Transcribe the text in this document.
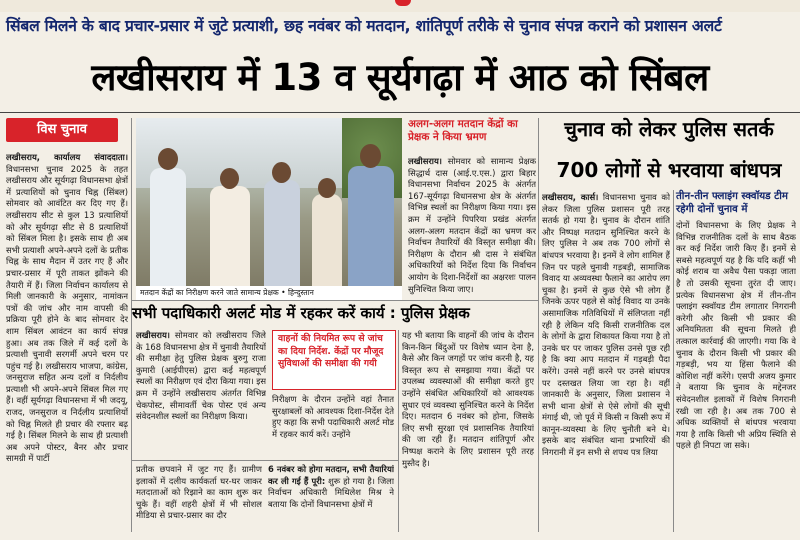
सिंबल मिलने के बाद प्रचार-प्रसार में जुटे प्रत्याशी, छह नवंबर को मतदान, शांतिपूर्ण तरीके से चुनाव संपन्न कराने को प्रशासन अलर्ट
लखीसराय में 13 व सूर्यगढ़ा में आठ को सिंबल
विस चुनाव
लखीसराय, कार्यालय संवाददाता। विधानसभा चुनाव 2025 के तहत लखीसराय और सूर्यगढ़ा विधानसभा क्षेत्रों में प्रत्याशियों को चुनाव चिह्न (सिंबल) सोमवार को आवंटित कर दिए गए हैं। लखीसराय सीट से कुल 13 प्रत्याशियों को और सूर्यगढ़ा सीट से 8 प्रत्याशियों को सिंबल मिला है। इसके साथ ही अब सभी प्रत्याशी अपने-अपने दलों के प्रतीक चिह्न के साथ मैदान में उतर गए हैं और प्रचार-प्रसार में पूरी ताकत झोंकने की तैयारी में हैं। जिला निर्वाचन कार्यालय से मिली जानकारी के अनुसार, नामांकन पत्रों की जांच और नाम वापसी की प्रक्रिया पूरी होने के बाद सोमवार देर शाम सिंबल आवंटन का कार्य संपन्न हुआ। अब तक जिले में कई दलों के प्रत्याशी चुनावी सरगर्मी अपने चरम पर पहुंच गई है। लखीसराय भाजपा, कांग्रेस, जनसुराज सहित अन्य दलों व निर्दलीय प्रत्याशी भी अपने-अपने सिंबल मिल गए हैं। वहीं सूर्यगढ़ा विधानसभा में भी जदयू, राजद, जनसुराज व निर्दलीय प्रत्याशियों को चिह्न मिलते ही प्रचार की रफ्तार बढ़ गई है। सिंबल मिलने के साथ ही प्रत्याशी अब अपने पोस्टर, बैनर और प्रचार सामग्री में पार्टी
मतदान केंद्रों का निरीक्षण करने जाते सामान्य प्रेक्षक • हिन्दुस्तान
अलग-अलग मतदान केंद्रों का प्रेक्षक ने किया भ्रमण
लखीसराय। सोमवार को सामान्य प्रेक्षक सिद्धार्थ दास (आई.ए.एस.) द्वारा बिहार विधानसभा निर्वाचन 2025 के अंतर्गत 167-सूर्यगढ़ा विधानसभा क्षेत्र के अंतर्गत विभिन्न स्थलों का निरीक्षण किया गया। इस क्रम में उन्होंने पिपरिया प्रखंड अंतर्गत अलग-अलग मतदान केंद्रों का भ्रमण कर निर्वाचन तैयारियों की विस्तृत समीक्षा की। निरीक्षण के दौरान श्री दास ने संबंधित अधिकारियों को निर्देश दिया कि निर्वाचन आयोग के दिशा-निर्देशों का अक्षरशः पालन सुनिश्चित किया जाए।
चुनाव को लेकर पुलिस सतर्क
700 लोगों से भरवाया बांधपत्र
लखीसराय, कार्स। विधानसभा चुनाव को लेकर जिला पुलिस प्रशासन पूरी तरह सतर्क हो गया है। चुनाव के दौरान शांति और निष्पक्ष मतदान सुनिश्चित करने के लिए पुलिस ने अब तक 700 लोगों से बांधपत्र भरवाया है। इनमें वे लोग शामिल हैं जिन पर पहले चुनावी गड़बड़ी, सामाजिक विवाद या अव्यवस्था फैलाने का आरोप लग चुका है। इनमें से कुछ ऐसे भी लोग हैं जिनके ऊपर पहले से कोई विवाद या उनके असामाजिक गतिविधियों में संलिप्तता नहीं रही है लेकिन यदि किसी राजनीतिक दल के लोगों के द्वारा शिकायत किया गया है तो उनके घर पर जाकर पुलिस उनसे पूछ रही है कि क्या आप मतदान में गड़बड़ी पैदा करेंगे। उनसे नहीं करने पर उनसे बांधपत्र पर दस्तखत लिया जा रहा है। वहीं जानकारी के अनुसार, जिला प्रशासन ने सभी थाना क्षेत्रों से ऐसे लोगों की सूची मंगाई थी, जो पूर्व में किसी न किसी रूप में कानून-व्यवस्था के लिए चुनौती बने थे। इसके बाद संबंधित थाना प्रभारियों की निगरानी में इन सभी से शपथ पत्र लिया
तीन-तीन फ्लाइंग स्क्वॉयड टीम रहेगी दोनों चुनाव में
दोनों विधानसभा के लिए प्रेक्षक ने विभिन्न राजनीतिक दलों के साथ बैठक कर कई निर्देश जारी किए हैं। इनमें से सबसे महत्वपूर्ण यह है कि यदि कहीं भी कोई शराब या अवैध पैसा पकड़ा जाता है तो उसकी सूचना तुरंत दी जाए। प्रत्येक विधानसभा क्षेत्र में तीन-तीन फ्लाइंग स्क्वॉयड टीम लगातार निगरानी करेगी और किसी भी प्रकार की अनियमितता की सूचना मिलते ही तत्काल कार्रवाई की जाएगी। गया कि वे चुनाव के दौरान किसी भी प्रकार की गड़बड़ी, भय या हिंसा फैलाने की कोशिश नहीं करेंगे। एसपी अजय कुमार ने बताया कि चुनाव के मद्देनजर संवेदनशील इलाकों में विशेष निगरानी रखी जा रही है। अब तक 700 से अधिक व्यक्तियों से बांधपत्र भरवाया गया है ताकि किसी भी अप्रिय स्थिति से पहले ही निपटा जा सके।
सभी पदाधिकारी अलर्ट मोड में रहकर करें कार्य : पुलिस प्रेक्षक
लखीसराय। सोमवार को लखीसराय जिले के 168 विधानसभा क्षेत्र में चुनावी तैयारियों की समीक्षा हेतु पुलिस प्रेक्षक बुरुगु राजा कुमारी (आईपीएस) द्वारा कई महत्वपूर्ण स्थलों का निरीक्षण एवं दौरा किया गया। इस क्रम में उन्होंने लखीसराय अंतर्गत विभिन्न चेकपोस्ट, सीमावर्ती चेक पोस्ट एवं अन्य संवेदनशील स्थलों का निरीक्षण किया।
वाहनों की नियमित रूप से जांच का दिया निर्देश. केंद्रों पर मौजूद सुविधाओं की समीक्षा की गयी
निरीक्षण के दौरान उन्होंने वहां तैनात सुरक्षाबलों को आवश्यक दिशा-निर्देश देते हुए कहा कि सभी पदाधिकारी अलर्ट मोड में रहकर कार्य करें। उन्होंने
यह भी बताया कि वाहनों की जांच के दौरान किन-किन बिंदुओं पर विशेष ध्यान देना है, कैसे और किन जगहों पर जांच करनी है, यह विस्तृत रूप से समझाया गया। केंद्रों पर उपलब्ध व्यवस्थाओं की समीक्षा करते हुए उन्होंने संबंधित अधिकारियों को आवश्यक सुधार एवं व्यवस्था सुनिश्चित करने के निर्देश दिए। मतदान 6 नवंबर को होना, जिसके लिए सभी सुरक्षा एवं प्रशासनिक तैयारियां की जा रही हैं। मतदान शांतिपूर्ण और निष्पक्ष कराने के लिए प्रशासन पूरी तरह मुस्तैद है।
प्रतीक छपवाने में जुट गए हैं। ग्रामीण इलाकों में दलीय कार्यकर्ता घर-घर जाकर मतदाताओं को रिझाने का काम शुरू कर चुके हैं। वहीं शहरी क्षेत्रों में भी सोशल मीडिया से प्रचार-प्रसार का दौर
6 नवंबर को होगा मतदान, सभी तैयारियां कर ली गई हैं पूरी: शुरू हो गया है। जिला निर्वाचन अधिकारी मिथिलेश मिश्र ने बताया कि दोनों विधानसभा क्षेत्रों में
